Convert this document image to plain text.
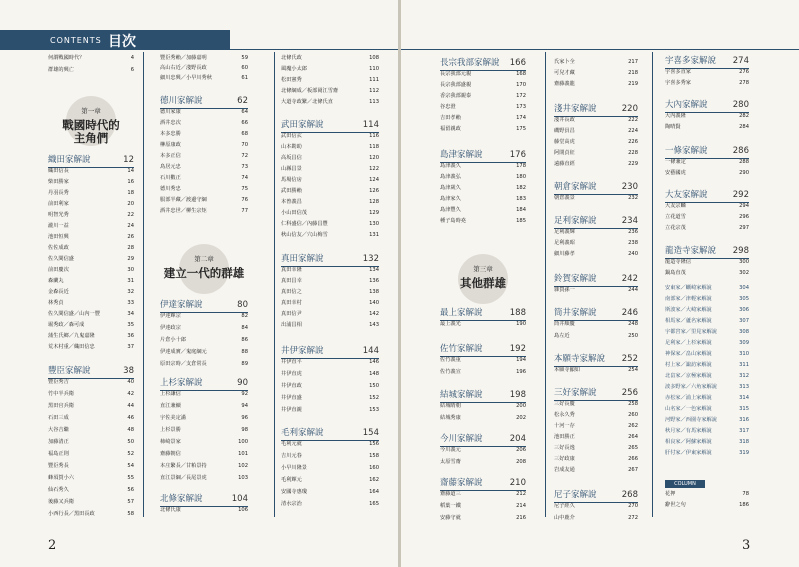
CONTENTS 目次
2	3
何謂戰國時代？	4
群雄的興亡	6
第一章
戰國時代的
主角們
織田家解說	12
織田信長	14
柴田勝家	16
丹羽長秀	18
前田利家	20
明智光秀	22
瀧川一益	24
池田恒興	26
佐佐成政	28
佐久間信盛	29
前田慶次	30
森蘭丸	31
金森長近	32
林秀貞	33
佐久間信盛／山內一豐	34
堀秀政／森可成	35
蒲生氏鄉／九鬼嘉隆	36
荒木村重／織田信忠	37
豐臣家解說	38
豐臣秀吉	40
竹中半兵衛	42
黑田官兵衛	44
石田三成	46
大谷吉繼	48
加藤清正	50
福島正則	52
豐臣秀長	54
蜂須賀小六	55
仙石秀久	56
後藤又兵衛	57
小西行長／黑田長政	58
豐臣秀賴／加藤嘉明	59
高山右近／淺野長政	60
細川忠興／小早川秀秋	61
德川家解說	62
德川家康	64
酒井忠次	66
本多忠勝	68
榊原康政	70
本多正信	72
鳥居元忠	73
石川數正	74
德川秀忠	75
服部半藏／渡邊守綱	76
酒井忠世／柳生宗矩	77
第二章
建立一代的群雄
伊達家解說	80
伊達輝宗	82
伊達政宗	84
片倉小十郎	86
伊達成實／鬼庭綱元	88
原田宗時／支倉常長	89
上杉家解說	90
上杉謙信	92
直江兼續	94
宇佐美定滿	96
上杉景勝	98
柿崎景家	100
齋藤朝信	101
本庄繁長／甘粕景持	102
直江景綱／長尾景虎	103
北條家解說	104
北條氏康	106
北條氏政	108
風魔小太郎	110
松田憲秀	111
北條綱成／板部岡江雪齋	112
大道寺政繁／北條氏直	113
武田家解說	114
武田信玄	116
山本勘助	118
高坂昌信	120
山縣昌景	122
馬場信房	124
武田勝賴	126
本曾義昌	128
小山田信茂	129
仁科盛信／內藤昌豐	130
秋山信友／穴山梅雪	131
真田家解說	132
真田幸隆	134
真田昌幸	136
真田信之	138
真田幸村	140
真田信尹	142
出浦昌相	143
井伊家解說	144
井伊直平	146
井伊直虎	148
井伊直政	150
井伊直盛	152
井伊直親	153
毛利家解說	154
毛利元就	156
吉川元春	158
小早川隆景	160
毛利輝元	162
安國寺惠瓊	164
清水宗治	165
長宗我部家解說 166
長宗我部元親	168
長宗我部盛親	170
香宗我部親泰	172
谷忠澄	173
吉田孝賴	174
福留親政	175
島津家解說	176
島津義久	178
島津義弘	180
島津歲久	182
島津家久	183
島津豐久	184
種子島時堯	185
第三章
其他群雄
最上家解說	188
最上義光	190
佐竹家解說	192
佐竹義重	194
佐竹義宣	196
結城家解說	198
結城晴朝	200
結城秀康	202
今川家解說	204
今川義元	206
太原雪齋	208
齋藤家解說	210
齋藤道三	212
稻葉一鐵	214
安藤守就	216
氏家卜全	217
可兒才藏	218
齋藤義龍	219
淺井家解說	220
淺井長政	222
磯野員昌	224
藤堂高虎	226
阿閉貞征	228
遠藤直經	229
朝倉家解說	230
朝倉義景	232
足利家解說	234
足利義輝	236
足利義昭	238
細川藤孝	240
鈴賀家解說	242
雜賀孫一	244
筒井家解說	246
筒井順慶	248
島左近	250
本願寺家解說 252
本願寺顯如	254
三好家解說	256
三好長慶	258
松永久秀	260
十河一存	262
池田勝正	264
三好長逸	265
三好政康	266
岩成友通	267
尼子家解說	268
尼子經久	270
山中鹿介	272
宇喜多家解說 274
宇喜多直家	276
宇喜多秀家	278
大內家解說	280
大內義隆	282
陶晴賢	284
一條家解說	286
一條兼定	288
安藝國虎	290
大友家解說	292
大友宗麟	294
立花道雪	296
立花宗茂	297
龍造寺家解說 298
龍造寺隆信	300
鍋島直茂	302
安東家／蠣崎家解說	304
南部家／津輕家解說	305
斯波家／大崎家解說	306
相馬家／蘆名家解說	307
宇都宮家／里見家解說	308
足利家／上杉家解說	309
神保家／畠山家解說	310
村上家／諏訪家解說	311
北畠家／京極家解說	312
波多野家／六角家解說	313
赤松家／浦上家解說	314
山名家／一色家解說	315
河野家／西園寺家解說	316
秋月家／有馬家解說	317
相良家／阿蘇家解說	318
肝付家／伊東家解說	319
COLUMN
花押	78
辭世之句	186
